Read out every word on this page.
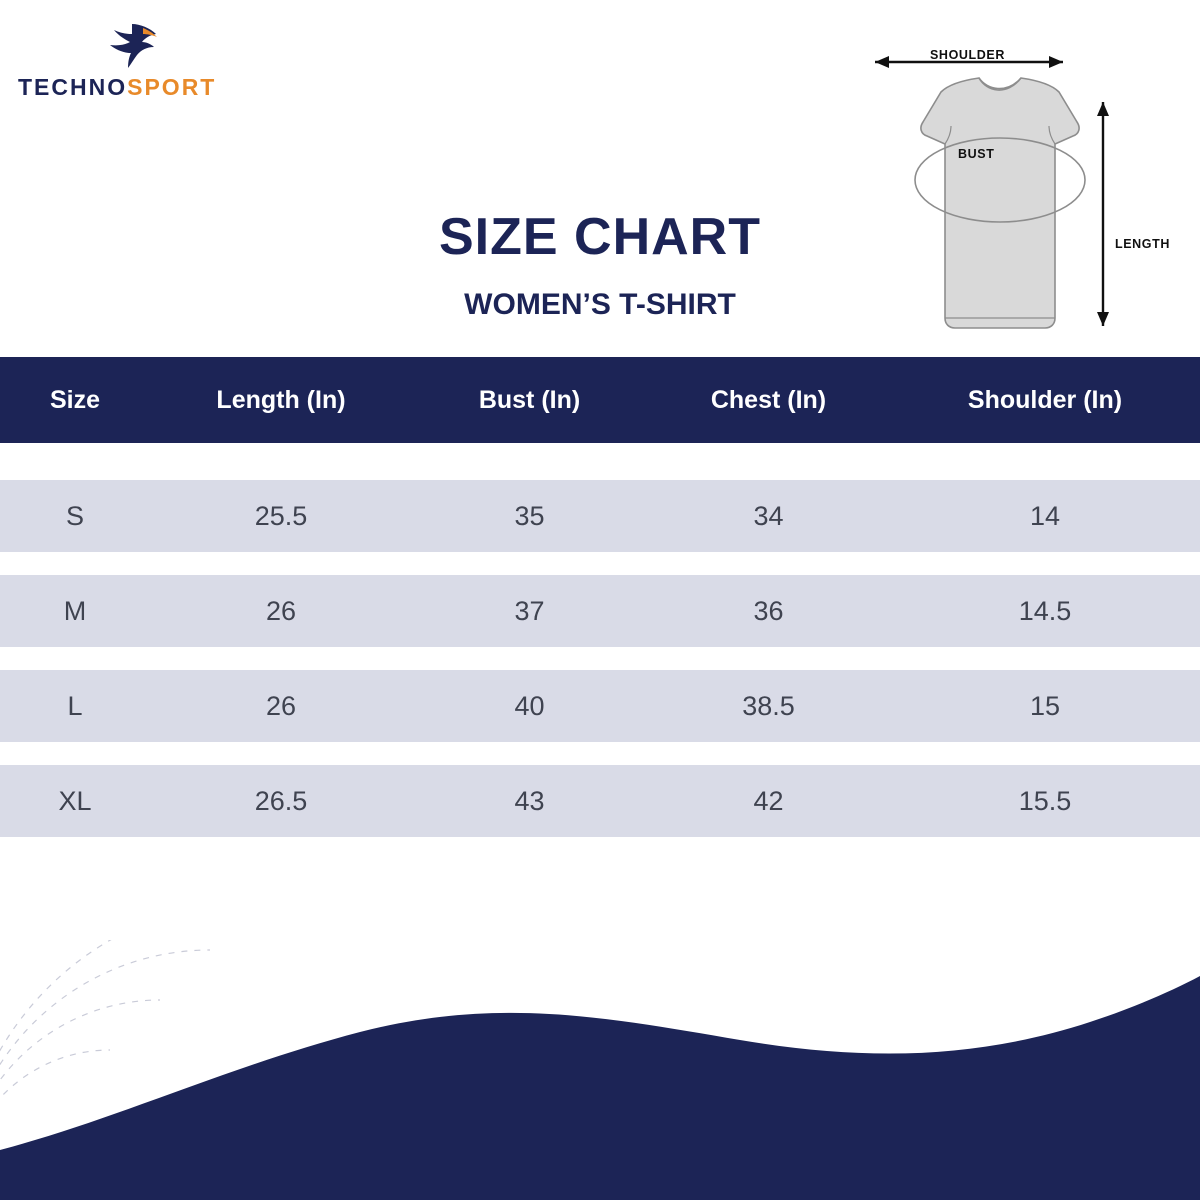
TECHNOSPORT
SIZE CHART
WOMEN’S T-SHIRT
SHOULDER
BUST
LENGTH
Size	Length (In)	Bust (In)	Chest (In)	Shoulder (In)
S	25.5	35	34	14
M	26	37	36	14.5
L	26	40	38.5	15
XL	26.5	43	42	15.5
